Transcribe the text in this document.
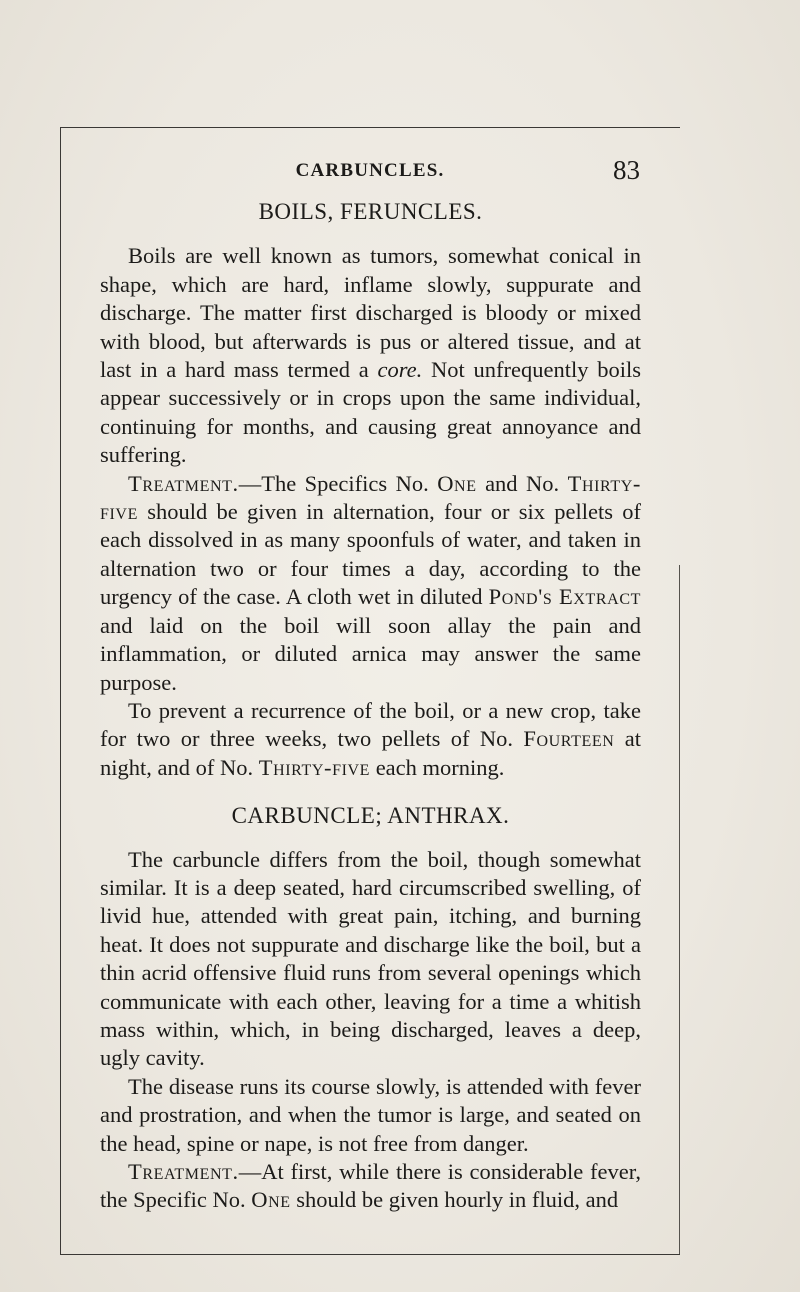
CARBUNCLES.	83
BOILS, FERUNCLES.

Boils are well known as tumors, somewhat conical in shape, which are hard, inflame slowly, suppurate and discharge. The matter first discharged is bloody or mixed with blood, but afterwards is pus or altered tissue, and at last in a hard mass termed a core. Not unfrequently boils appear successively or in crops upon the same individual, continuing for months, and causing great annoyance and suffering.

Treatment.—The Specifics No. One and No. Thirty-five should be given in alternation, four or six pellets of each dissolved in as many spoonfuls of water, and taken in alternation two or four times a day, according to the urgency of the case. A cloth wet in diluted Pond's Extract and laid on the boil will soon allay the pain and inflammation, or diluted arnica may answer the same purpose.

To prevent a recurrence of the boil, or a new crop, take for two or three weeks, two pellets of No. Fourteen at night, and of No. Thirty-five each morning.

CARBUNCLE; ANTHRAX.

The carbuncle differs from the boil, though somewhat similar. It is a deep seated, hard circumscribed swelling, of livid hue, attended with great pain, itching, and burning heat. It does not suppurate and discharge like the boil, but a thin acrid offensive fluid runs from several openings which communicate with each other, leaving for a time a whitish mass within, which, in being discharged, leaves a deep, ugly cavity.

The disease runs its course slowly, is attended with fever and prostration, and when the tumor is large, and seated on the head, spine or nape, is not free from danger.

Treatment.—At first, while there is considerable fever, the Specific No. One should be given hourly in fluid, and
